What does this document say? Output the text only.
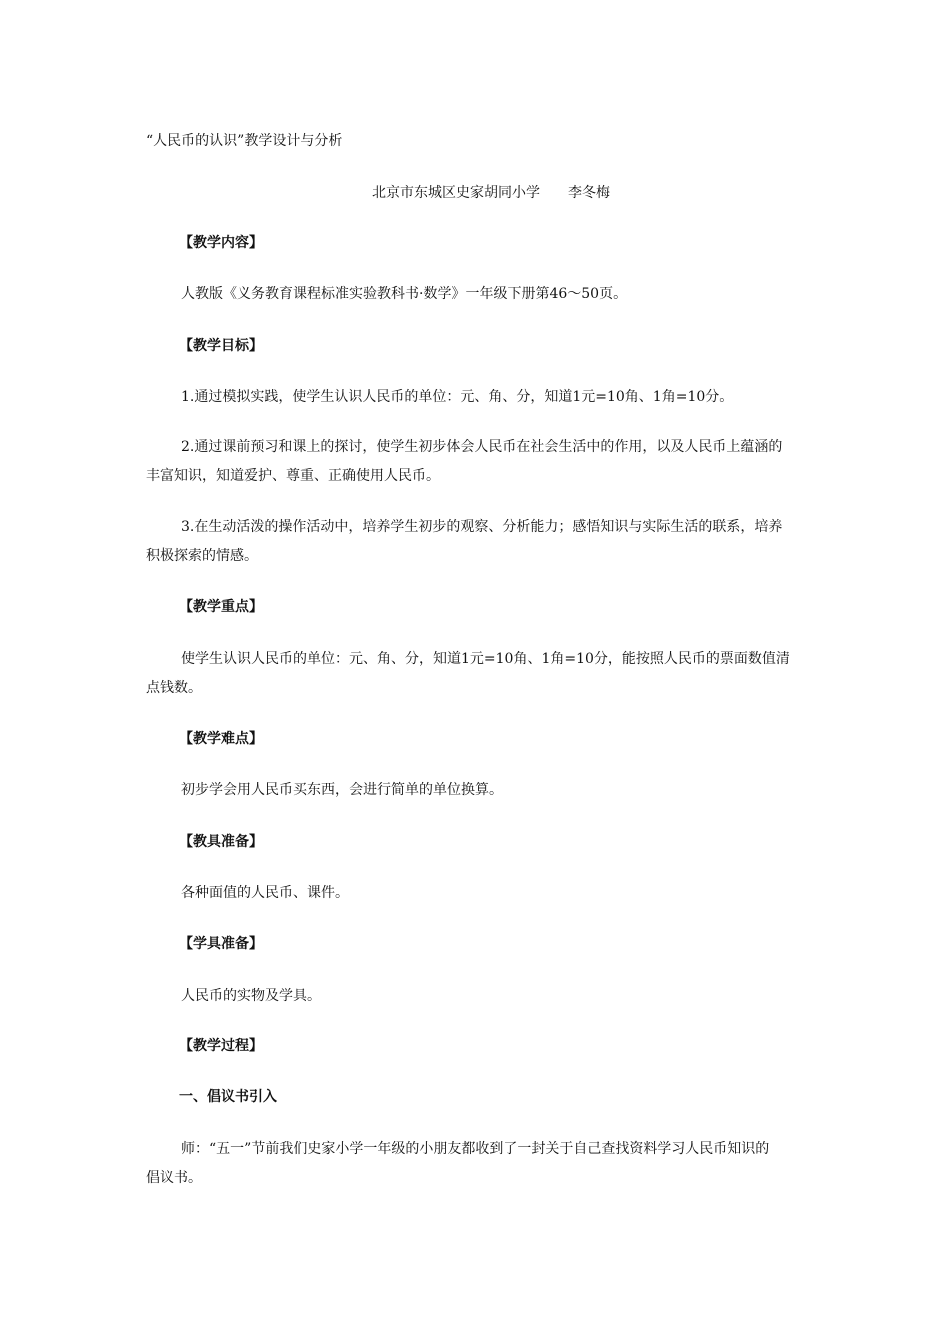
“人民币的认识”教学设计与分析
北京市东城区史家胡同小学 李冬梅
【教学内容】
人教版《义务教育课程标准实验教科书·数学》一年级下册第46～50页。
【教学目标】
1.通过模拟实践，使学生认识人民币的单位：元、角、分，知道1元=10角、1角=10分。
2.通过课前预习和课上的探讨，使学生初步体会人民币在社会生活中的作用，以及人民币上蕴涵的
丰富知识，知道爱护、尊重、正确使用人民币。
3.在生动活泼的操作活动中，培养学生初步的观察、分析能力；感悟知识与实际生活的联系，培养
积极探索的情感。
【教学重点】
使学生认识人民币的单位：元、角、分，知道1元=10角、1角=10分，能按照人民币的票面数值清
点钱数。
【教学难点】
初步学会用人民币买东西，会进行简单的单位换算。
【教具准备】
各种面值的人民币、课件。
【学具准备】
人民币的实物及学具。
【教学过程】
一、倡议书引入
师：“五一”节前我们史家小学一年级的小朋友都收到了一封关于自己查找资料学习人民币知识的
倡议书。
